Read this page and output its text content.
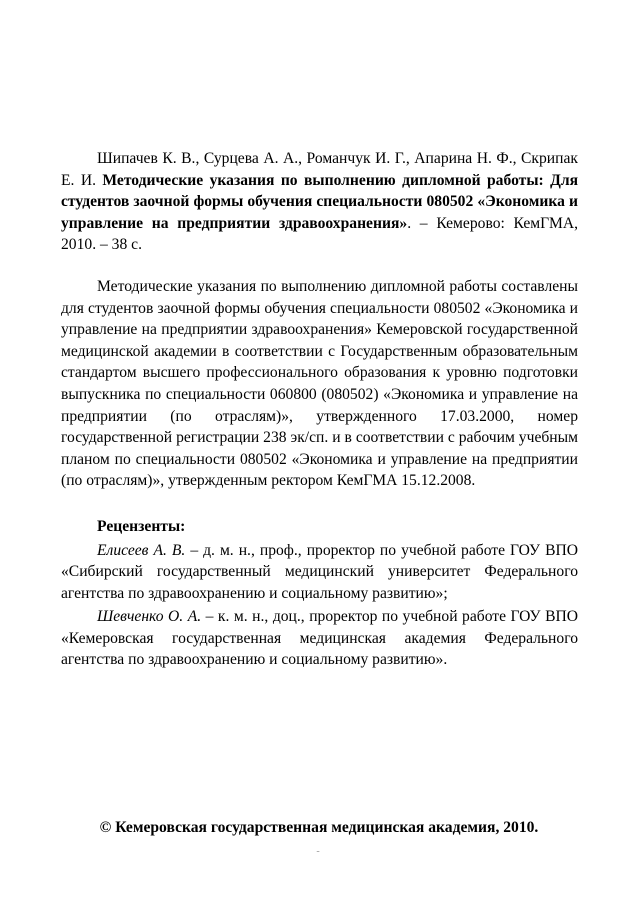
Шипачев К. В., Сурцева А. А., Романчук И. Г., Апарина Н. Ф., Скрипак Е. И. Методические указания по выполнению дипломной работы: Для студентов заочной формы обучения специальности 080502 «Экономика и управление на предприятии здравоохранения». – Кемерово: КемГМА, 2010. – 38 с.

Методические указания по выполнению дипломной работы составлены для студентов заочной формы обучения специальности 080502 «Экономика и управление на предприятии здравоохранения» Кемеровской государственной медицинской академии в соответствии с Государственным образовательным стандартом высшего профессионального образования к уровню подготовки выпускника по специальности 060800 (080502) «Экономика и управление на предприятии (по отраслям)», утвержденного 17.03.2000, номер государственной регистрации 238 эк/сп. и в соответствии с рабочим учебным планом по специальности 080502 «Экономика и управление на предприятии (по отраслям)», утвержденным ректором КемГМА 15.12.2008.

Рецензенты:

Елисеев А. В. – д. м. н., проф., проректор по учебной работе ГОУ ВПО «Сибирский государственный медицинский университет Федерального агентства по здравоохранению и социальному развитию»;

Шевченко О. А. – к. м. н., доц., проректор по учебной работе ГОУ ВПО «Кемеровская государственная медицинская академия Федерального агентства по здравоохранению и социальному развитию».

© Кемеровская государственная медицинская академия, 2010.
-
